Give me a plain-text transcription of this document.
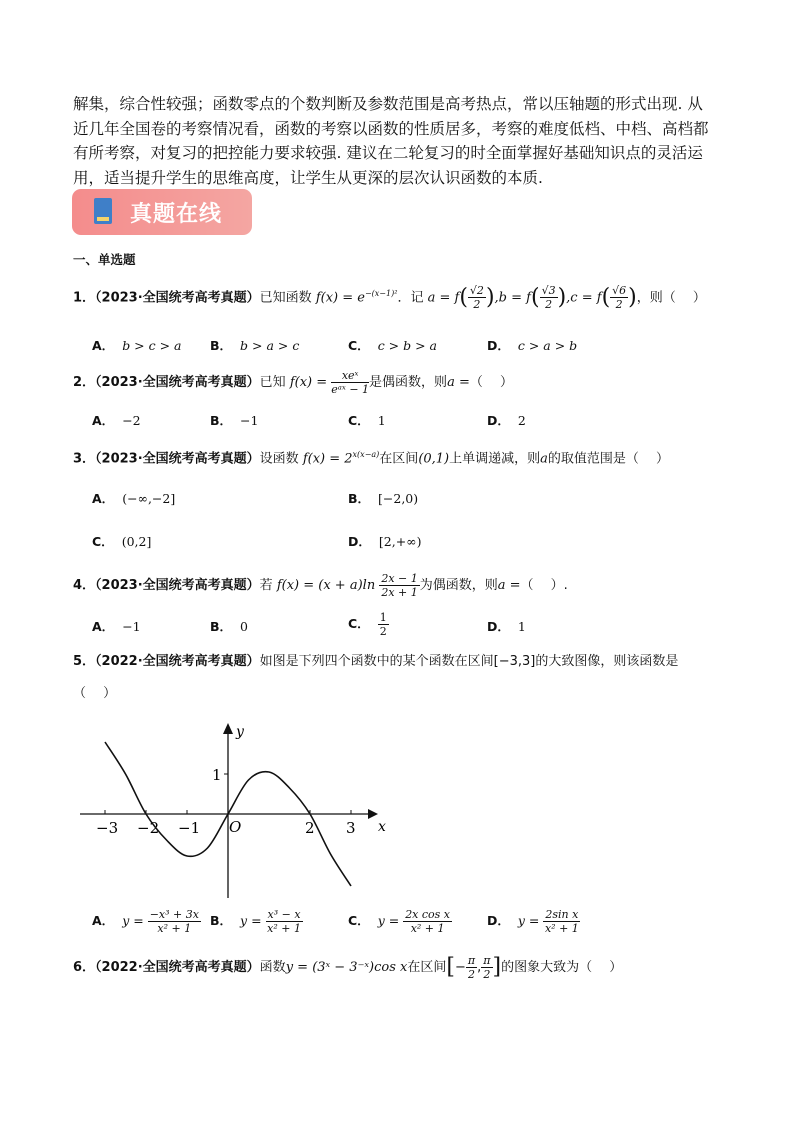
解集，综合性较强；函数零点的个数判断及参数范围是高考热点，常以压轴题的形式出现. 从
近几年全国卷的考察情况看，函数的考察以函数的性质居多，考察的难度低档、中档、高档都
有所考察，对复习的把控能力要求较强. 建议在二轮复习的时全面掌握好基础知识点的灵活运
用，适当提升学生的思维高度，让学生从更深的层次认识函数的本质.
真题在线
一、单选题
1．（2023·全国统考高考真题）已知函数 $f(x) = e^{-(x-1)^2}$．记 $a = f( \frac{√2}{2} ),b = f( \frac{√3}{2} ),c = f( \frac{√6}{2}$ )，则（　 ）
A． b > c > a B． b > a > c	C． c > b > a	D． c > a > b
2．（2023·全国统考高考真题）已知 $f(x) = \frac{\text{xeˣ}}{\text{eᵃˣ − 1}}$ 是偶函数，则a =（　 ）
A． −2	B． −1	C． 1	D． 2
3．（2023·全国统考高考真题）设函数 $f(x) = 2^{x(x-a)}$在区间(0,1)上单调递减，则a的取值范围是（　 ）
A． (−∞,−2]	B． [−2,0)
C． (0,2]	D． [2,+∞)
4．（2023·全国统考高考真题）若 $f(x) = (x + a)\ln \frac{2x - 1}{2x + 1}$ 为偶函数，则a =（　 ）.
A． −1	B． 0	C． $\frac{1}{2}$	D． 1
5．（2022·全国统考高考真题）如图是下列四个函数中的某个函数在区间[−3,3]的大致图像，则该函数是
（　 ）
−3 −2 −1	2 3
y
x
1
O
A． $y = \frac{\text{−x³ + 3x}}{\text{x² + 1}}$ B． $y = \frac{\text{x³ − x}}{\text{x² + 1}}$	C． $y = \frac{\text{2x cos x}}{\text{x² + 1}}$	D． $y = \frac{\text{2sin x}}{\text{x² + 1}}$
6．（2022·全国统考高考真题）函数y = (3ˣ − 3⁻ˣ)cos x在区间[− $\frac{\pi}{2}$ , $\frac{\pi}{2}$ ]的图象大致为（　 ）
